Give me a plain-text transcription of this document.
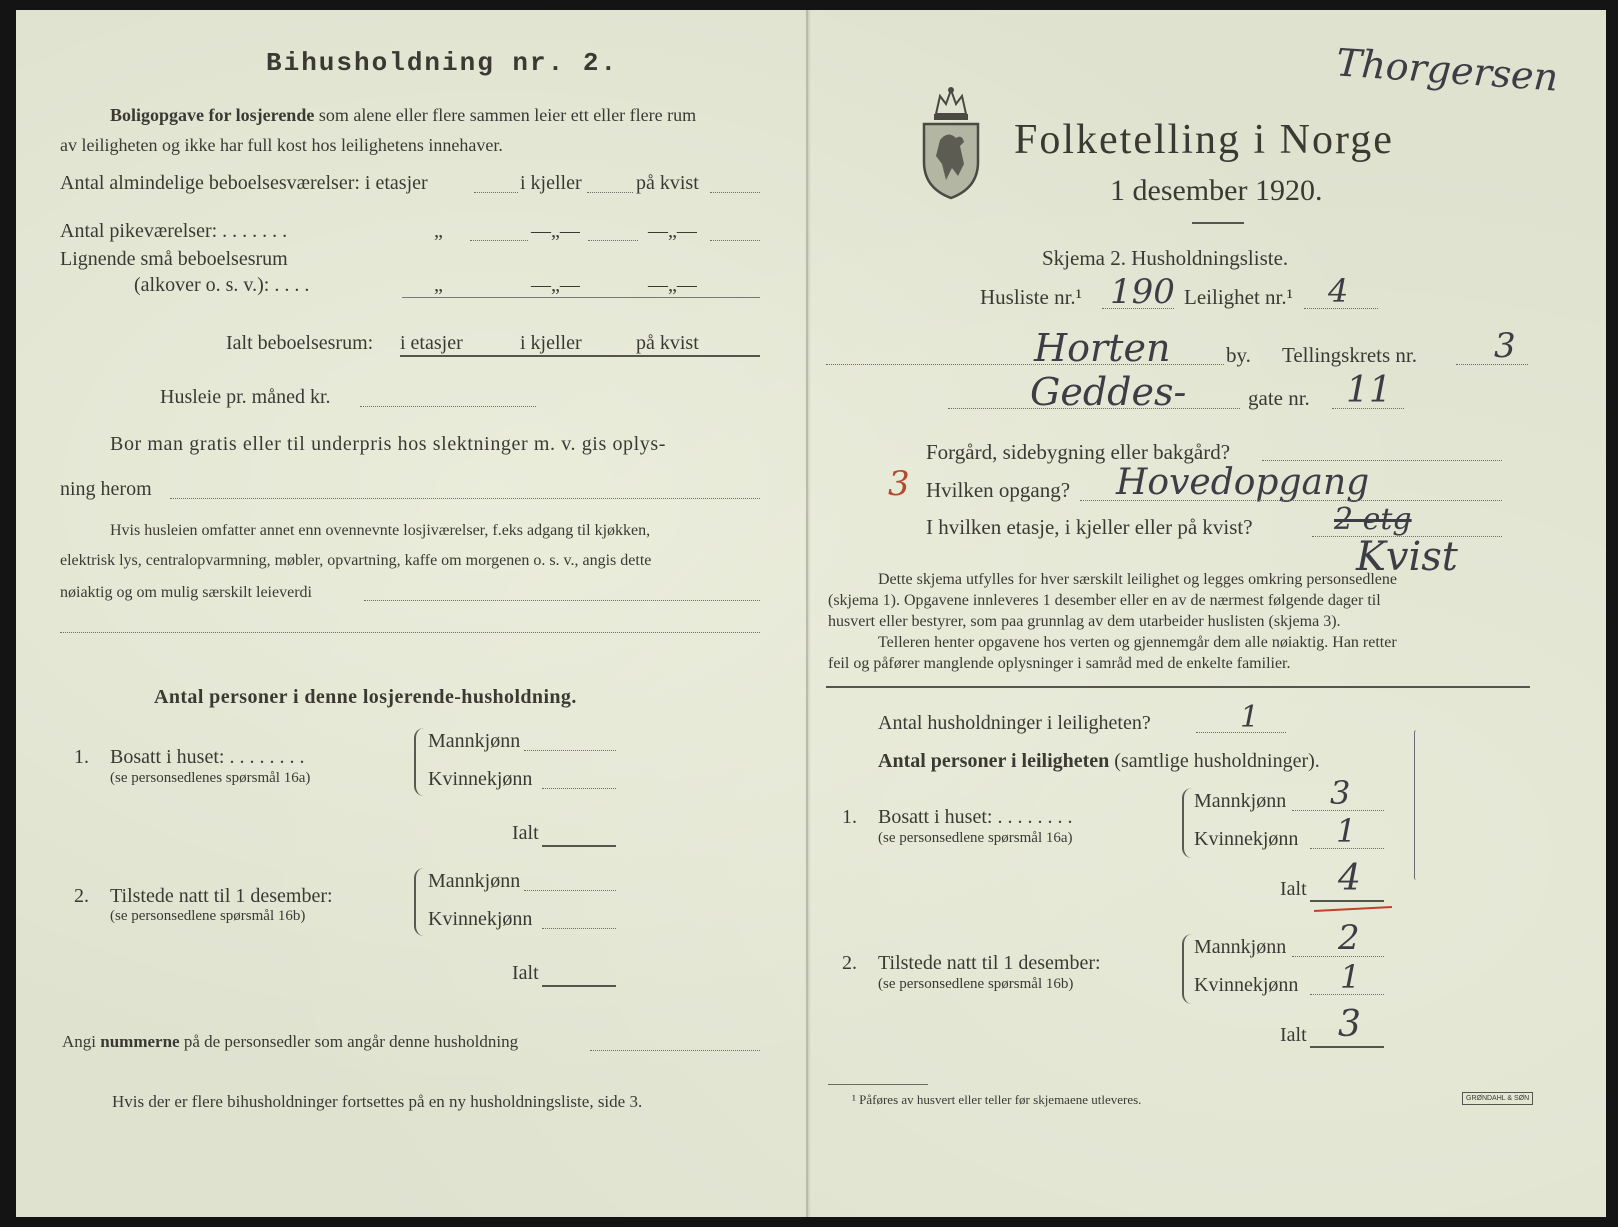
Bihusholdning nr. 2.
Boligopgave for losjerende som alene eller flere sammen leier ett eller flere rum
av leiligheten og ikke har full kost hos leilighetens innehaver.
Antal almindelige beboelsesværelser: i etasjer	i kjeller	på kvist
Antal pikeværelser: . . . . . . .	„	—„—	—„—
Lignende små beboelsesrum
(alkover o. s. v.): . . . .	„	—„—	—„—
Ialt beboelsesrum: i etasjer	i kjeller	på kvist
Husleie pr. måned kr.
Bor man gratis eller til underpris hos slektninger m. v. gis oplys-
ning herom
Hvis husleien omfatter annet enn ovennevnte losjiværelser, f.eks adgang til kjøkken,
elektrisk lys, centralopvarmning, møbler, opvartning, kaffe om morgenen o. s. v., angis dette
nøiaktig og om mulig særskilt leieverdi
Antal personer i denne losjerende-husholdning.
1. Bosatt i huset: . . . . . . . .
(se personsedlenes spørsmål 16a)
Mannkjønn
Kvinnekjønn
Ialt
2. Tilstede natt til 1 desember:
(se personsedlene spørsmål 16b)
Mannkjønn
Kvinnekjønn
Ialt
Angi nummerne på de personsedler som angår denne husholdning
Hvis der er flere bihusholdninger fortsettes på en ny husholdningsliste, side 3.
Thorgersen
Folketelling i Norge
1 desember 1920.
Skjema 2. Husholdningsliste.
Husliste nr.¹ 190 Leilighet nr.¹ 4
Horten	by. Tellingskrets nr. 3
Geddes-	gate nr. 11
Forgård, sidebygning eller bakgård?
3 Hvilken opgang? Hovedopgang
I hvilken etasje, i kjeller eller på kvist?	2 etg
Kvist
Dette skjema utfylles for hver særskilt leilighet og legges omkring personsedlene
(skjema 1). Opgavene innleveres 1 desember eller en av de nærmest følgende dager til
husvert eller bestyrer, som paa grunnlag av dem utarbeider huslisten (skjema 3).
Telleren henter opgavene hos verten og gjennemgår dem alle nøiaktig. Han retter
feil og påfører manglende oplysninger i samråd med de enkelte familier.
Antal husholdninger i leiligheten?	1
Antal personer i leiligheten (samtlige husholdninger).
1. Bosatt i huset: . . . . . . . .
(se personsedlene spørsmål 16a)
Mannkjønn 3
Kvinnekjønn 1
Ialt 4
2. Tilstede natt til 1 desember:
(se personsedlene spørsmål 16b)
Mannkjønn 2
Kvinnekjønn 1
Ialt 3
¹ Påføres av husvert eller teller før skjemaene utleveres.	GRØNDAHL & SØN
